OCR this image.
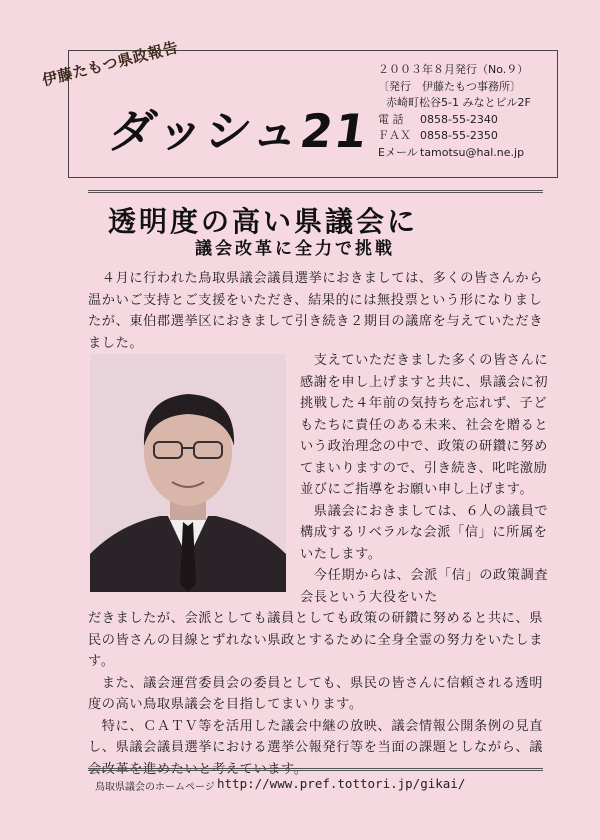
伊藤たもつ県政報告
ダッシュ21
２００３年８月発行（No.９）
〔発行　伊藤たもつ事務所〕
赤崎町松谷5-1 みなとビル2F
電 話 0858-55-2340
ＦＡＸ 0858-55-2350
Eメール tamotsu@hal.ne.jp
透明度の高い県議会に
議会改革に全力で挑戦

　４月に行われた鳥取県議会議員選挙におきましては、多くの皆さんから温かいご支持とご支援をいただき、結果的には無投票という形になりましたが、東伯郡選挙区におきまして引き続き２期目の議席を与えていただきました。

　支えていただきました多くの皆さんに感謝を申し上げますと共に、県議会に初挑戦した４年前の気持ちを忘れず、子どもたちに責任のある未来、社会を贈るという政治理念の中で、政策の研鑽に努めてまいりますので、引き続き、叱咤激励並びにご指導をお願い申し上げます。

　県議会におきましては、６人の議員で構成するリベラルな会派「信」に所属をいたします。

　今任期からは、会派「信」の政策調査会長という大役をいた

だきましたが、会派としても議員としても政策の研鑽に努めると共に、県民の皆さんの目線とずれない県政とするために全身全霊の努力をいたします。

　また、議会運営委員会の委員としても、県民の皆さんに信頼される透明度の高い鳥取県議会を目指してまいります。

　特に、ＣＡＴＶ等を活用した議会中継の放映、議会情報公開条例の見直し、県議会議員選挙における選挙公報発行等を当面の課題としながら、議会改革を進めたいと考えています。

鳥取県議会のホームページ http://www.pref.tottori.jp/gikai/
